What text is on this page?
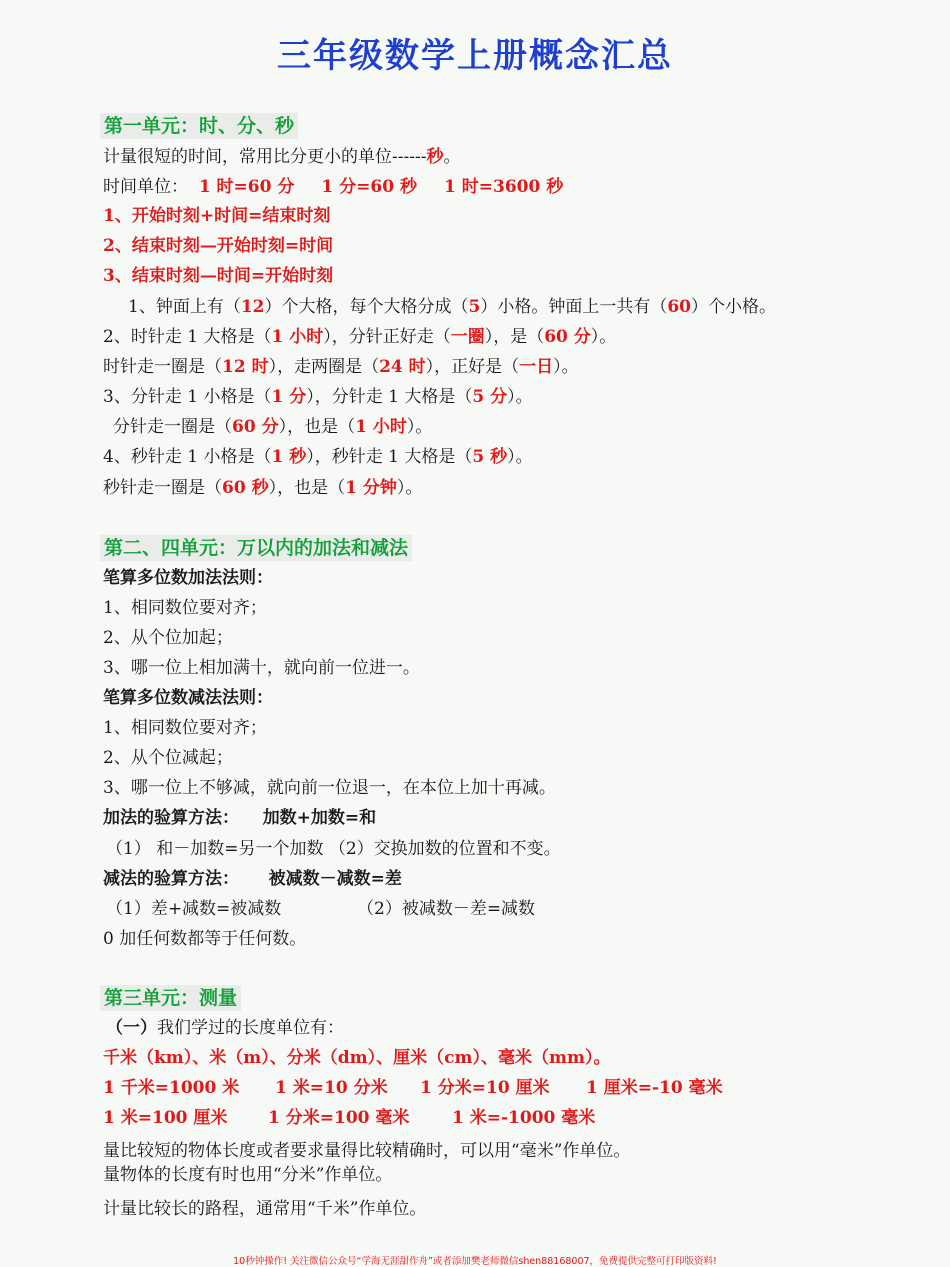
三年级数学上册概念汇总
第一单元：时、分、秒
计量很短的时间，常用比分更小的单位------秒。
时间单位： 1 时=60 分 1 分=60 秒 1 时=3600 秒
1、开始时刻+时间=结束时刻
2、结束时刻—开始时刻=时间
3、结束时刻—时间=开始时刻
1、钟面上有（12）个大格，每个大格分成（5）小格。钟面上一共有（60）个小格。
2、时针走 1 大格是（1 小时），分针正好走（一圈），是（60 分）。
时针走一圈是（12 时），走两圈是（24 时），正好是（一日）。
3、分针走 1 小格是（1 分），分针走 1 大格是（5 分）。
分针走一圈是（60 分），也是（1 小时）。
4、秒针走 1 小格是（1 秒），秒针走 1 大格是（5 秒）。
秒针走一圈是（60 秒），也是（1 分钟）。
第二、四单元：万以内的加法和减法
笔算多位数加法法则：
1、相同数位要对齐；
2、从个位加起；
3、哪一位上相加满十，就向前一位进一。
笔算多位数减法法则：
1、相同数位要对齐；
2、从个位减起；
3、哪一位上不够减，就向前一位退一，在本位上加十再减。
加法的验算方法： 加数+加数=和
（1） 和－加数=另一个加数 （2）交换加数的位置和不变。
减法的验算方法： 被减数－减数=差
（1）差+减数=被减数	（2）被减数－差=减数
0 加任何数都等于任何数。
第三单元：测量
（一）我们学过的长度单位有：
千米（km）、米（m）、分米（dm）、厘米（cm）、毫米（mm）。
1 千米=1000 米 1 米=10 分米 1 分米=10 厘米 1 厘米=-10 毫米
1 米=100 厘米 1 分米=100 毫米	1 米=-1000 毫米
量比较短的物体长度或者要求量得比较精确时，可以用“毫米”作单位。
量物体的长度有时也用“分米”作单位。
计量比较长的路程，通常用“千米”作单位。
10秒钟操作! 关注微信公众号“学海无涯甜作舟”或者添加樊老师微信shen88168007，免费提供完整可打印版资料!
